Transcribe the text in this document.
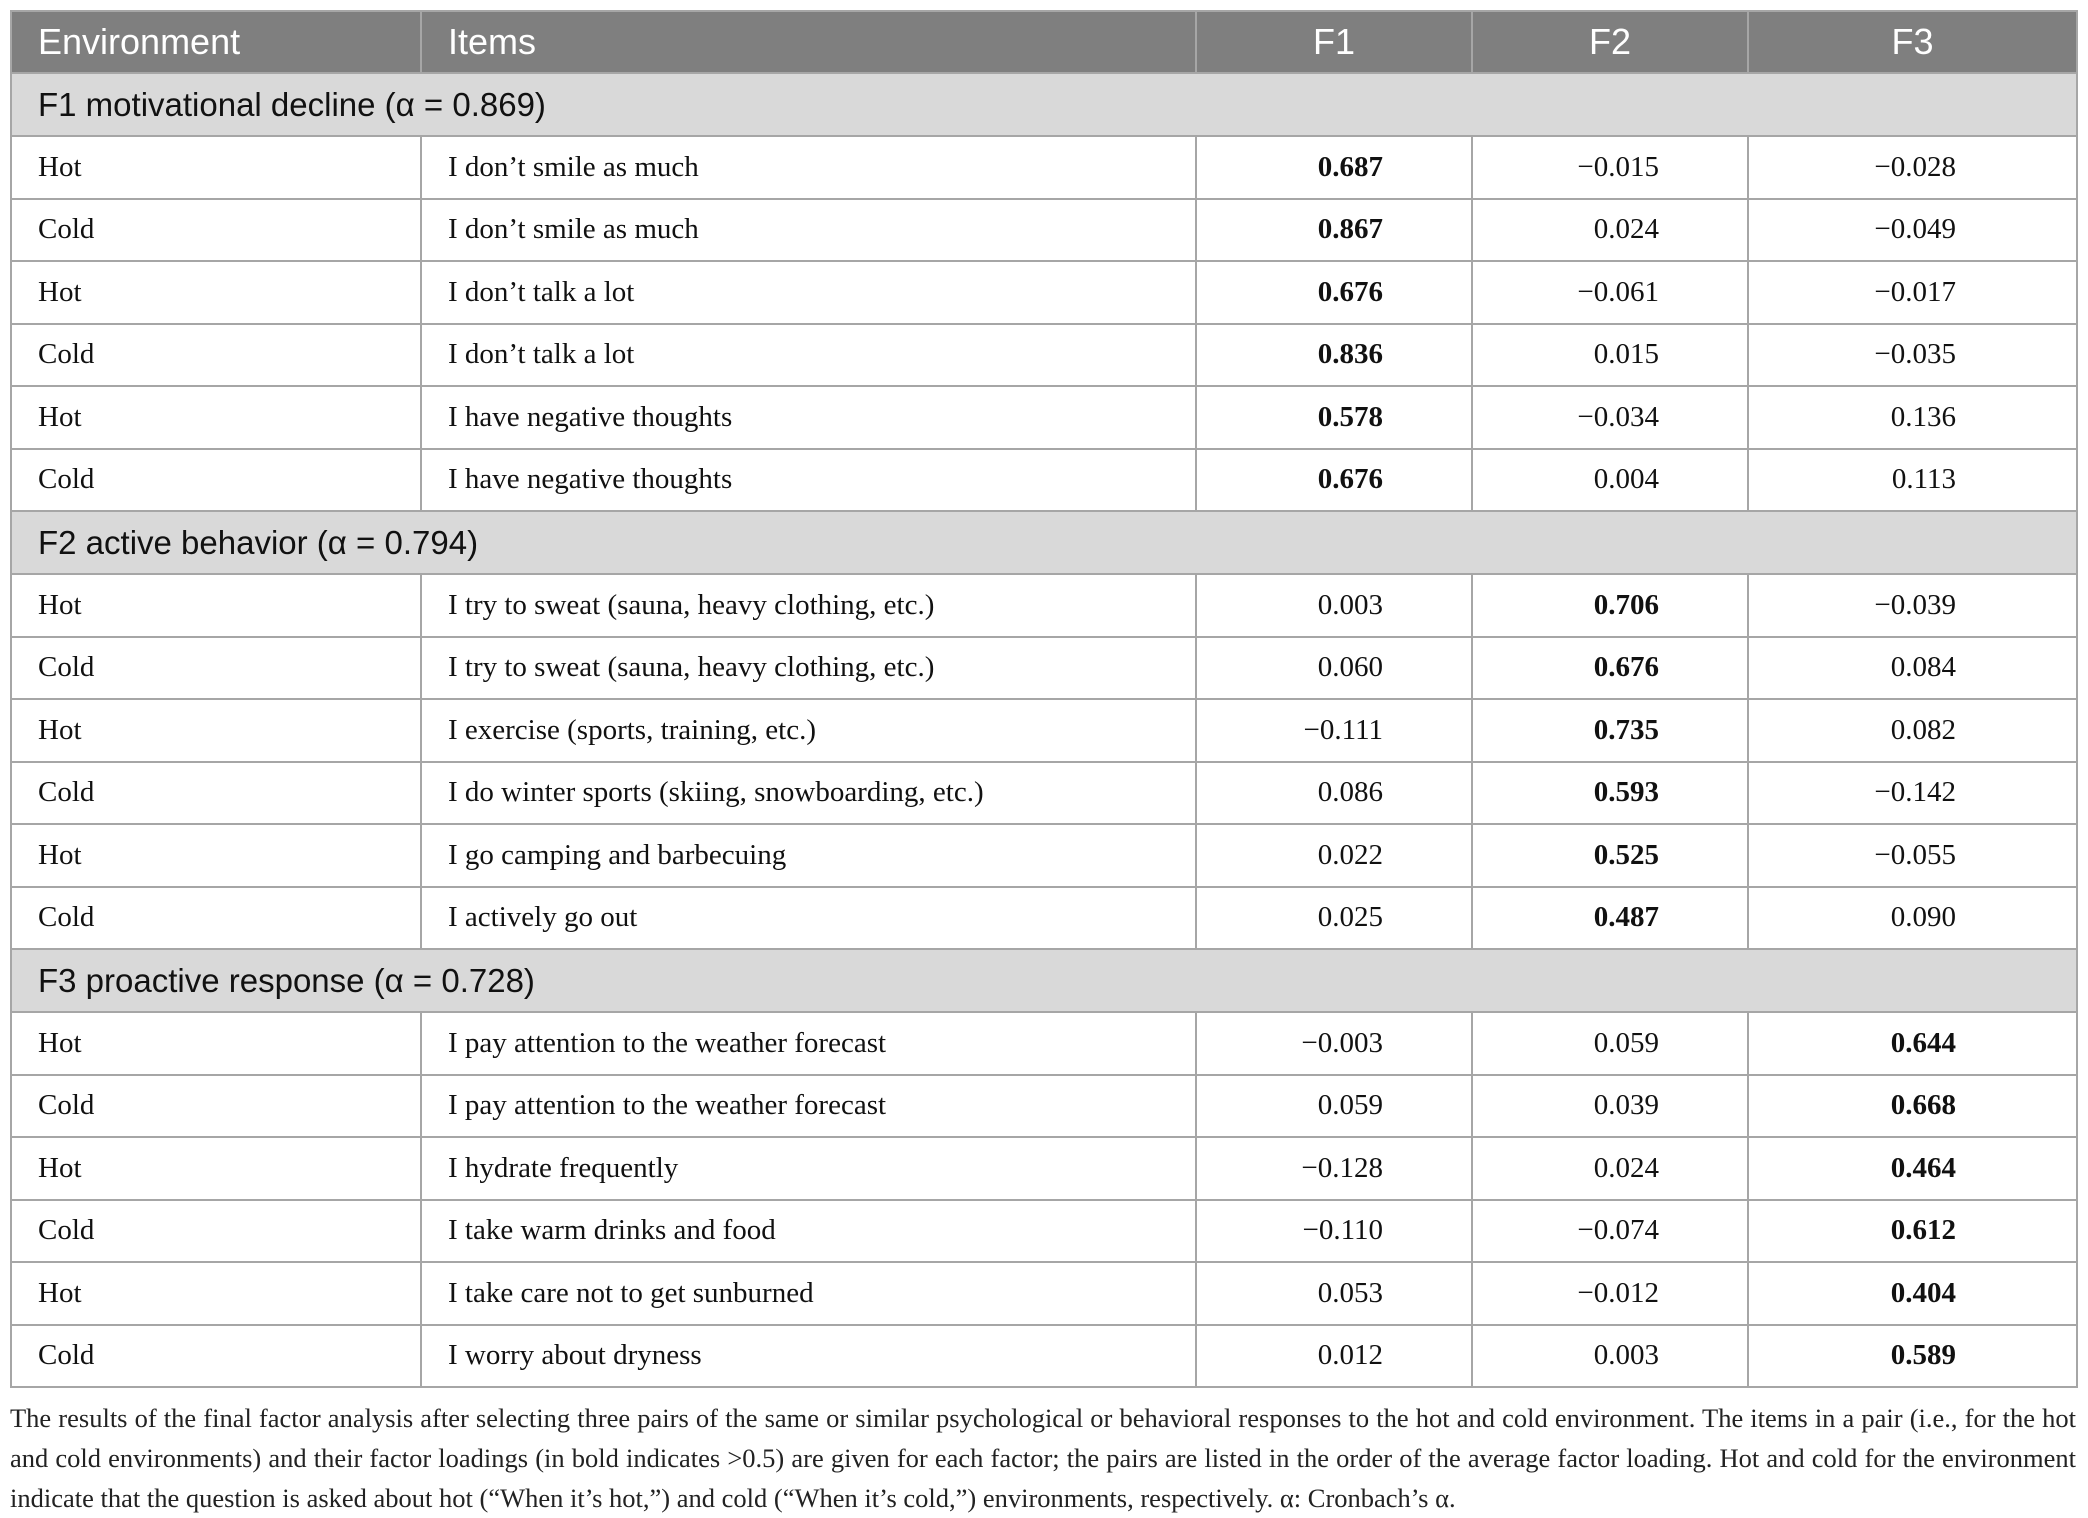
Environment	Items	F1	F2	F3
F1 motivational decline (α = 0.869)				
Hot	I don’t smile as much	0.687	−0.015	−0.028
Cold	I don’t smile as much	0.867	0.024	−0.049
Hot	I don’t talk a lot	0.676	−0.061	−0.017
Cold	I don’t talk a lot	0.836	0.015	−0.035
Hot	I have negative thoughts	0.578	−0.034	0.136
Cold	I have negative thoughts	0.676	0.004	0.113
F2 active behavior (α = 0.794)				
Hot	I try to sweat (sauna, heavy clothing, etc.)	0.003	0.706	−0.039
Cold	I try to sweat (sauna, heavy clothing, etc.)	0.060	0.676	0.084
Hot	I exercise (sports, training, etc.)	−0.111	0.735	0.082
Cold	I do winter sports (skiing, snowboarding, etc.)	0.086	0.593	−0.142
Hot	I go camping and barbecuing	0.022	0.525	−0.055
Cold	I actively go out	0.025	0.487	0.090
F3 proactive response (α = 0.728)				
Hot	I pay attention to the weather forecast	−0.003	0.059	0.644
Cold	I pay attention to the weather forecast	0.059	0.039	0.668
Hot	I hydrate frequently	−0.128	0.024	0.464
Cold	I take warm drinks and food	−0.110	−0.074	0.612
Hot	I take care not to get sunburned	0.053	−0.012	0.404
Cold	I worry about dryness	0.012	0.003	0.589
The results of the final factor analysis after selecting three pairs of the same or similar psychological or behavioral responses to the hot and cold environment. The items in a pair (i.e., for the hot and cold environments) and their factor loadings (in bold indicates >0.5) are given for each factor; the pairs are listed in the order of the average factor loading. Hot and cold for the environment indicate that the question is asked about hot (“When it’s hot,”) and cold (“When it’s cold,”) environments, respectively. α: Cronbach’s α.
